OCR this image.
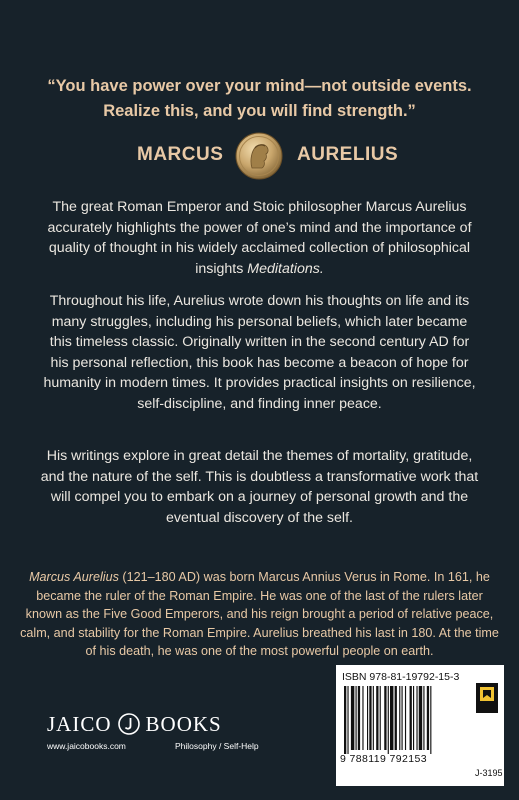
“You have power over your mind—not outside events. Realize this, and you will find strength.”
MARCUS	AURELIUS
The great Roman Emperor and Stoic philosopher Marcus Aurelius accurately highlights the power of one’s mind and the importance of quality of thought in his widely acclaimed collection of philosophical insights Meditations.
Throughout his life, Aurelius wrote down his thoughts on life and its many struggles, including his personal beliefs, which later became this timeless classic. Originally written in the second century AD for his personal reflection, this book has become a beacon of hope for humanity in modern times. It provides practical insights on resilience, self-discipline, and finding inner peace.
His writings explore in great detail the themes of mortality, gratitude, and the nature of the self. This is doubtless a transformative work that will compel you to embark on a journey of personal growth and the eventual discovery of the self.
Marcus Aurelius (121–180 AD) was born Marcus Annius Verus in Rome. In 161, he became the ruler of the Roman Empire. He was one of the last of the rulers later known as the Five Good Emperors, and his reign brought a period of relative peace, calm, and stability for the Roman Empire. Aurelius breathed his last in 180. At the time of his death, he was one of the most powerful people on earth.
JAICO BOOKS
www.jaicobooks.com	Philosophy / Self-Help
ISBN 978-81-19792-15-3
9 788119 792153
J-3195
